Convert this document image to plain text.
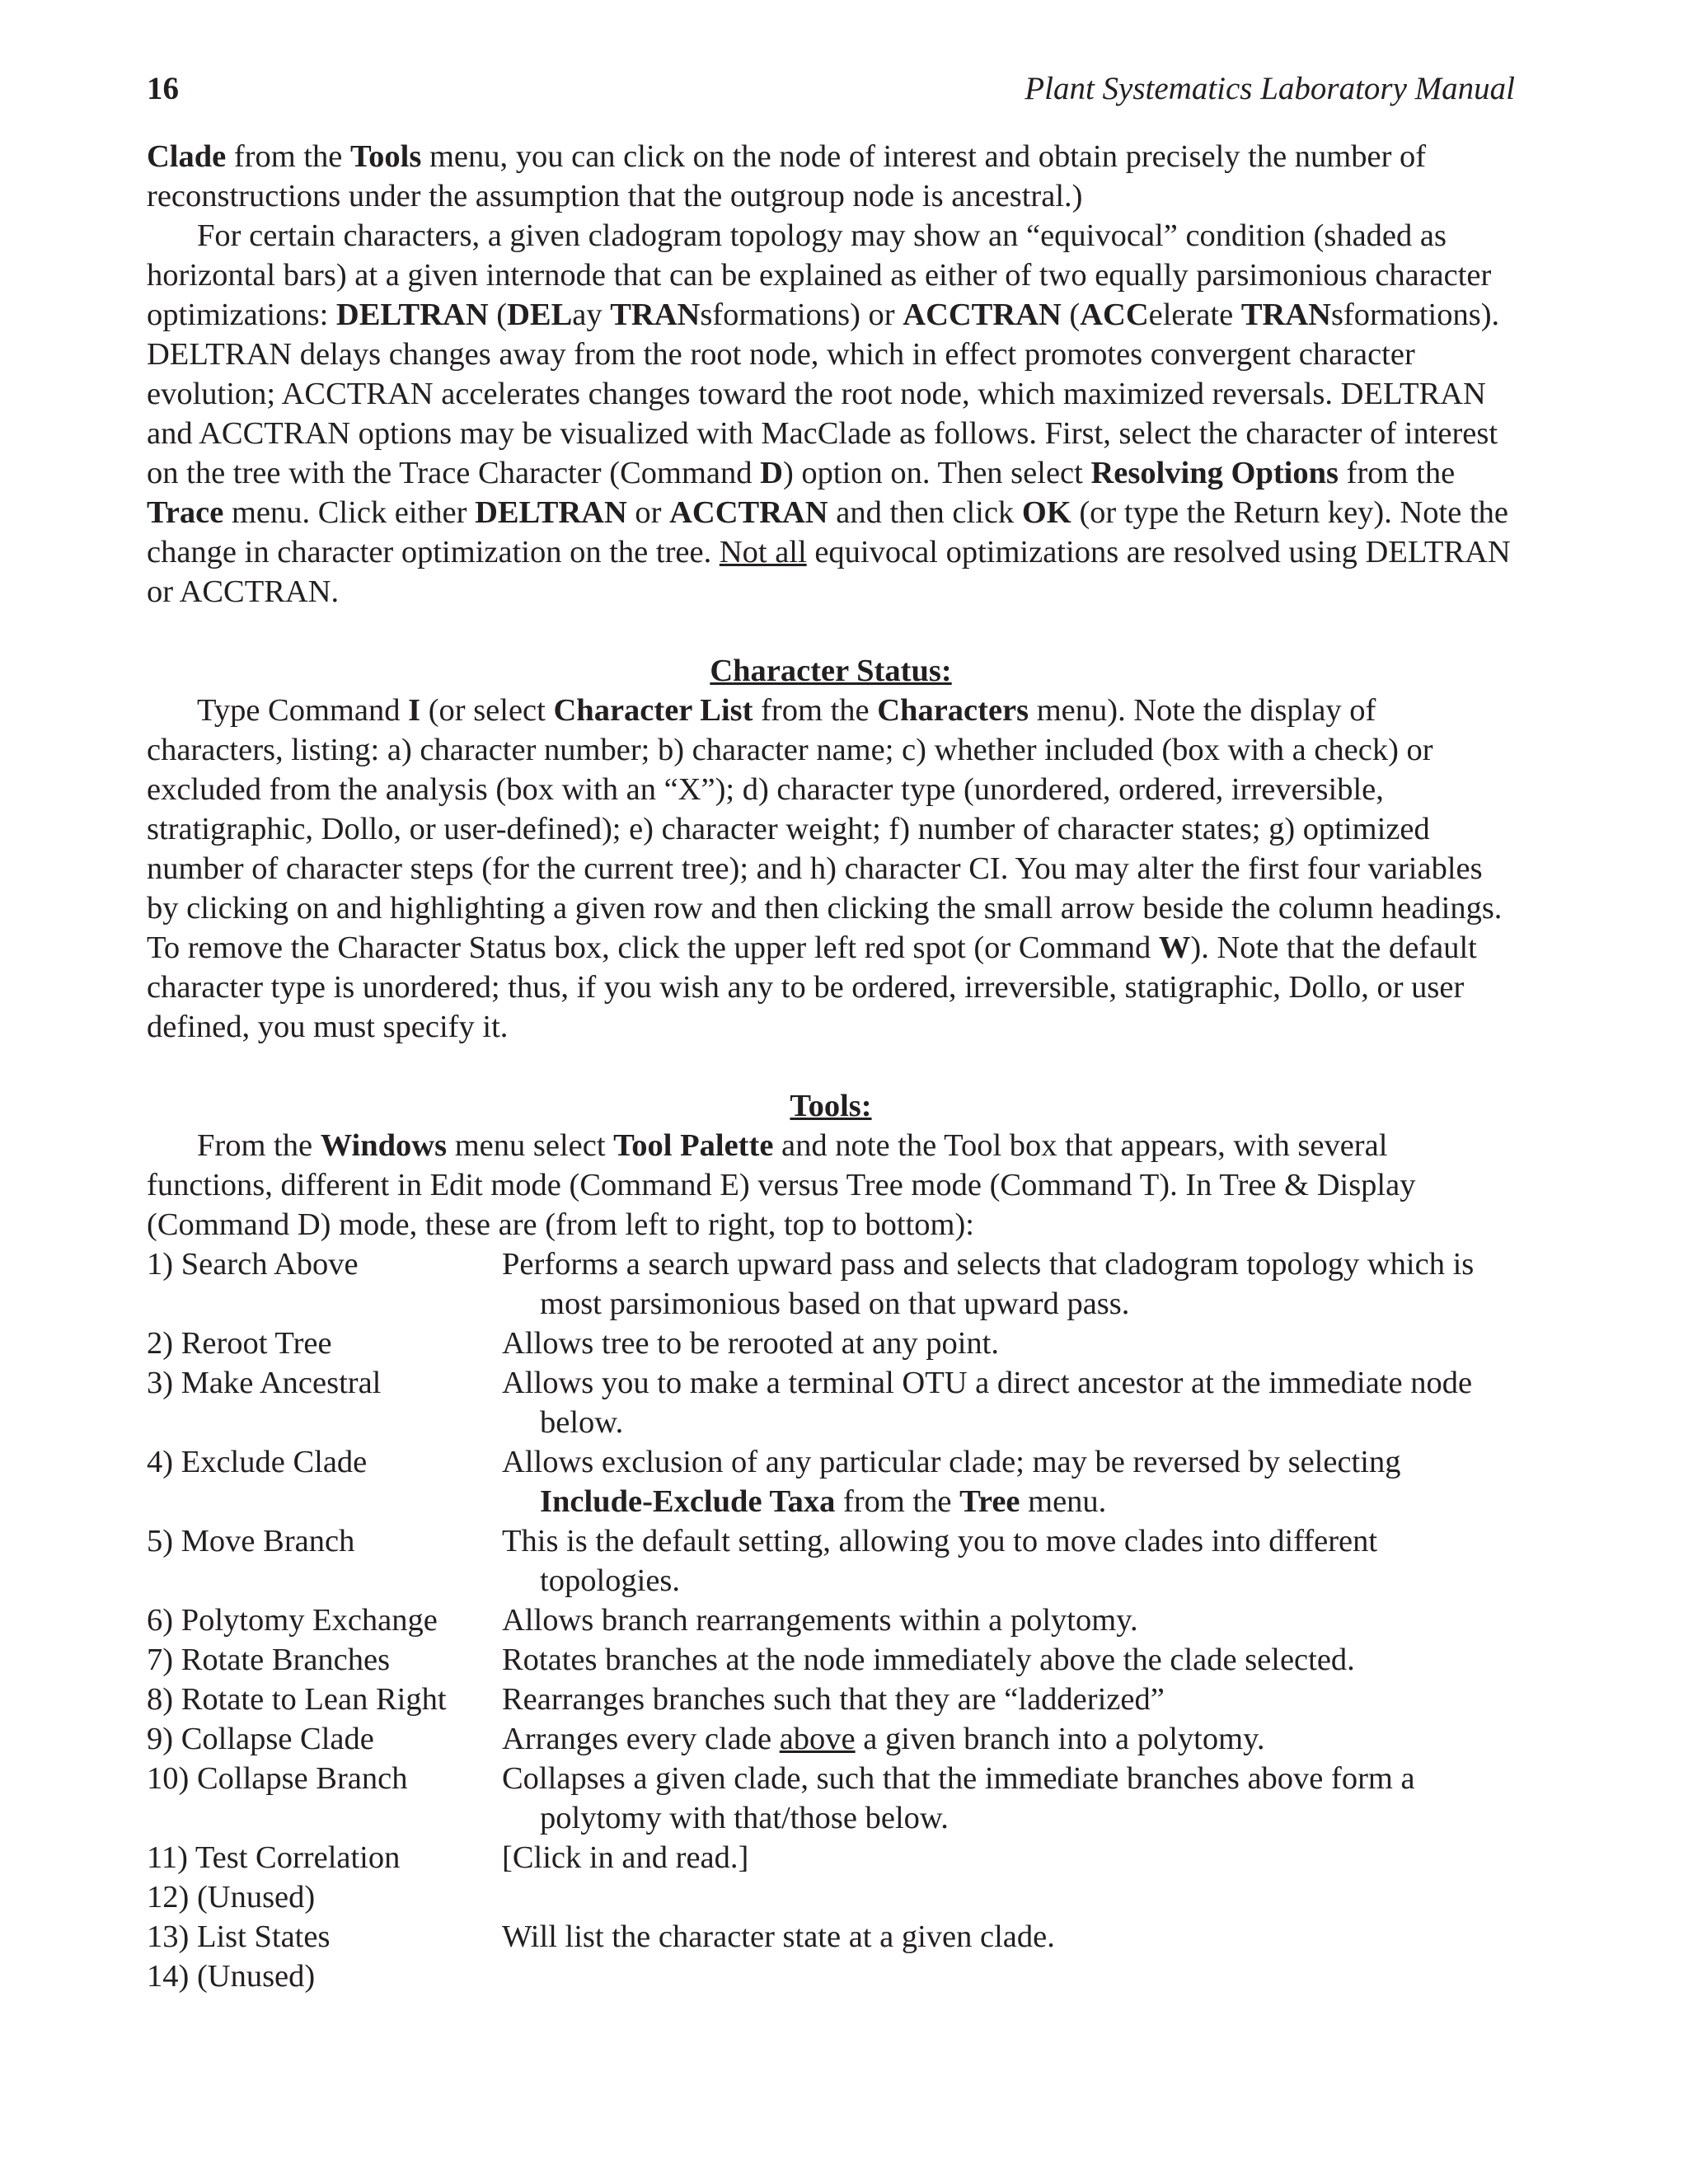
16	Plant Systematics Laboratory Manual

Clade from the Tools menu, you can click on the node of interest and obtain precisely the number of reconstructions under the assumption that the outgroup node is ancestral.)

For certain characters, a given cladogram topology may show an “equivocal” condition (shaded as horizontal bars) at a given internode that can be explained as either of two equally parsimonious character optimizations: DELTRAN (DELay TRANsformations) or ACCTRAN (ACCelerate TRANsformations). DELTRAN delays changes away from the root node, which in effect promotes convergent character evolution; ACCTRAN accelerates changes toward the root node, which maximized reversals. DELTRAN and ACCTRAN options may be visualized with MacClade as follows. First, select the character of interest on the tree with the Trace Character (Command D) option on. Then select Resolving Options from the Trace menu. Click either DELTRAN or ACCTRAN and then click OK (or type the Return key). Note the change in character optimization on the tree. Not all equivocal optimizations are resolved using DELTRAN or ACCTRAN.

Character Status:

Type Command I (or select Character List from the Characters menu). Note the display of characters, listing: a) character number; b) character name; c) whether included (box with a check) or excluded from the analysis (box with an “X”); d) character type (unordered, ordered, irreversible, stratigraphic, Dollo, or user-defined); e) character weight; f) number of character states; g) optimized number of character steps (for the current tree); and h) character CI. You may alter the first four variables by clicking on and highlighting a given row and then clicking the small arrow beside the column headings. To remove the Character Status box, click the upper left red spot (or Command W). Note that the default character type is unordered; thus, if you wish any to be ordered, irreversible, statigraphic, Dollo, or user defined, you must specify it.

Tools:

From the Windows menu select Tool Palette and note the Tool box that appears, with several functions, different in Edit mode (Command E) versus Tree mode (Command T). In Tree & Display (Command D) mode, these are (from left to right, top to bottom):

1) Search Above	Performs a search upward pass and selects that cladogram topology which is most parsimonious based on that upward pass.
2) Reroot Tree	Allows tree to be rerooted at any point.
3) Make Ancestral	Allows you to make a terminal OTU a direct ancestor at the immediate node below.
4) Exclude Clade	Allows exclusion of any particular clade; may be reversed by selecting Include-Exclude Taxa from the Tree menu.
5) Move Branch	This is the default setting, allowing you to move clades into different topologies.
6) Polytomy Exchange	Allows branch rearrangements within a polytomy.
7) Rotate Branches	Rotates branches at the node immediately above the clade selected.
8) Rotate to Lean Right	Rearranges branches such that they are “ladderized”
9) Collapse Clade	Arranges every clade above a given branch into a polytomy.
10) Collapse Branch	Collapses a given clade, such that the immediate branches above form a polytomy with that/those below.
11) Test Correlation	[Click in and read.]
12) (Unused)
13) List States	Will list the character state at a given clade.
14) (Unused)
